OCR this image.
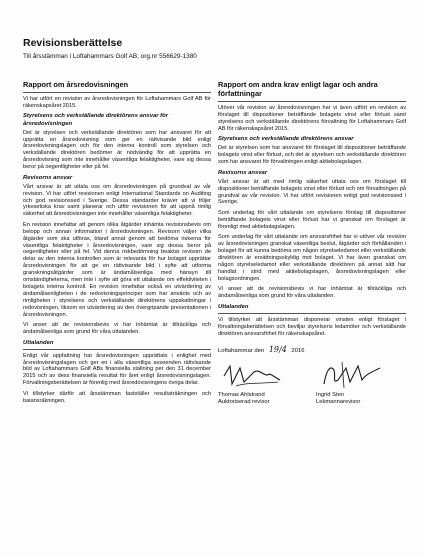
Revisionsberättelse
Till årsstämman i Loftahammars Golf AB, org.nr 556629-1380
Rapport om årsredovisningen

Vi har utfört en revision av årsredovisningen för Loftahammars Golf AB för räkenskapsåret 2015.

Styrelsens och verkställande direktörens ansvar för årsredovisningen

Det är styrelsen och verkställande direktören som har ansvaret för att upprätta en årsredovisning som ger en rättvisande bild enligt årsredovisningslagen och för den interna kontroll som styrelsen och verkställande direktören bedömer är nödvändig för att upprätta en årsredovisning som inte innehåller väsentliga felaktigheter, vare sig dessa beror på oegentligheter eller på fel.

Revisorns ansvar

Vårt ansvar är att uttala oss om årsredovisningen på grundval av vår revision. Vi har utfört revisionen enligt International Standards on Auditing och god revisionssed i Sverige. Dessa standarder kräver att vi följer yrkesetiska krav samt planerar och utför revisionen för att uppnå rimlig säkerhet att årsredovisningen inte innehåller väsentliga felaktigheter.

En revision innefattar att genom olika åtgärder inhämta revisionsbevis om belopp och annan information i årsredovisningen. Revisorn väljer vilka åtgärder som ska utföras, bland annat genom att bedöma riskerna för väsentliga felaktigheter i årsredovisningen, vare sig dessa beror på oegentligheter eller på fel. Vid denna riskbedömning beaktar revisorn de delar av den interna kontrollen som är relevanta för hur bolaget upprättar årsredovisningen för att ge en rättvisande bild i syfte att utforma granskningsåtgärder som är ändamålsenliga med hänsyn till omständigheterna, men inte i syfte att göra ett uttalande om effektiviteten i bolagets interna kontroll. En revision innefattar också en utvärdering av ändamålsenligheten i de redovisningsprinciper som har använts och av rimligheten i styrelsens och verkställande direktörens uppskattningar i redovisningen, liksom en utvärdering av den övergripande presentationen i årsredovisningen.

Vi anser att de revisionsbevis vi har inhämtat är tillräckliga och ändamålsenliga som grund för våra uttalanden.

Uttalanden

Enligt vår uppfattning har årsredovisningen upprättats i enlighet med årsredovisningslagen och ger en i alla väsentliga avseenden rättvisande bild av Loftahammars Golf ABs finansiella ställning per den 31 december 2015 och av dess finansiella resultat för året enligt årsredovisningslagen. Förvaltningsberättelsen är förenlig med årsredovisningens övriga delar.

Vi tillstyrker därför att årsstämman fastställer resultaträkningen och balansräkningen.

Rapport om andra krav enligt lagar och andra författningar

Utöver vår revision av årsredovisningen har vi även utfört en revision av förslaget till dispositioner beträffande bolagets vinst eller förlust samt styrelsens och verkställande direktörens förvaltning för Loftahammars Golf AB för räkenskapsåret 2015.

Styrelsens och verkställande direktörens ansvar

Det är styrelsen som har ansvaret för förslaget till dispositioner beträffande bolagets vinst eller förlust, och det är styrelsen och verkställande direktören som har ansvaret för förvaltningen enligt aktiebolagslagen.

Revisorns ansvar

Vårt ansvar är att med rimlig säkerhet uttala oss om förslaget till dispositioner beträffande bolagets vinst eller förlust och om förvaltningen på grundval av vår revision. Vi har utfört revisionen enligt god revisionssed i Sverige.

Som underlag för vårt uttalande om styrelsens förslag till dispositioner beträffande bolagets vinst eller förlust har vi granskat om förslaget är förenligt med aktiebolagslagen.

Som underlag för vårt uttalande om ansvarsfrihet har vi utöver vår revision av årsredovisningen granskat väsentliga beslut, åtgärder och förhållanden i bolaget för att kunna bedöma om någon styrelseledamot eller verkställande direktören är ersättningsskyldig mot bolaget. Vi har även granskat om någon styrelseledamot eller verkställande direktören på annat sätt har handlat i strid med aktiebolagslagen, årsredovisningslagen eller bolagsordningen.

Vi anser att de revisionsbevis vi har inhämtat är tillräckliga och ändamålsenliga som grund för våra uttalanden.

Uttalanden

Vi tillstyrker att årsstämman disponerar vinsten enligt förslaget i förvaltningsberättelsen och beviljar styrelsens ledamöter och verkställande direktören ansvarsfrihet för räkenskapsåret.

Loftahammar den 19/4 2016
Thomas Ahlstrand
Auktoriserad revisor
Ingrid Sten
Lekmannarevisor
